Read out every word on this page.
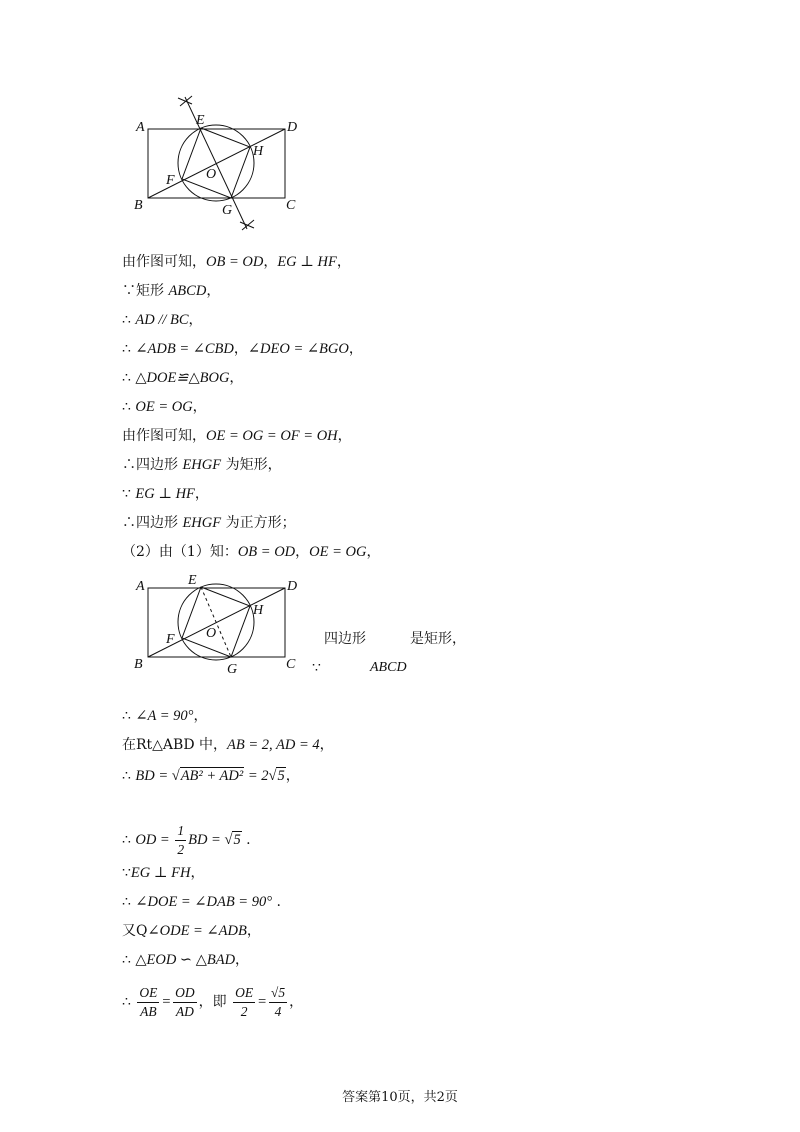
A
B	C
D
E
F
G
H
O
由作图可知，OB = OD，EG ⊥ HF，
∵矩形 ABCD，
∴ AD // BC，
∴ ∠ADB = ∠CBD，∠DEO = ∠BGO，
∴ △DOE≌△BOG，
∴ OE = OG，
由作图可知，OE = OG = OF = OH，
∴四边形 EHGF 为矩形，
∵ EG ⊥ HF，
∴四边形 EHGF 为正方形；
（2）由（1）知：OB = OD，OE = OG，
A
B	C
D
E
F
G
H
O	四边形	是矩形，
∵	ABCD
∴ ∠A = 90°，
在Rt△ABD 中，AB = 2, AD = 4，
∴ BD = √AB² + AD² = 2√5，
∴ OD = $\frac{1}{2}$ BD = √5 .
∵EG ⊥ FH，
∴ ∠DOE = ∠DAB = 90° .
又Q∠ODE = ∠ADB，
∴ △EOD ∽ △BAD，
∴ $\frac{OE}{AB} = \frac{OD}{AD}$ ，即 $\frac{OE}{2} = \frac{√5}{4}$ ，
答案第10页，共2页
